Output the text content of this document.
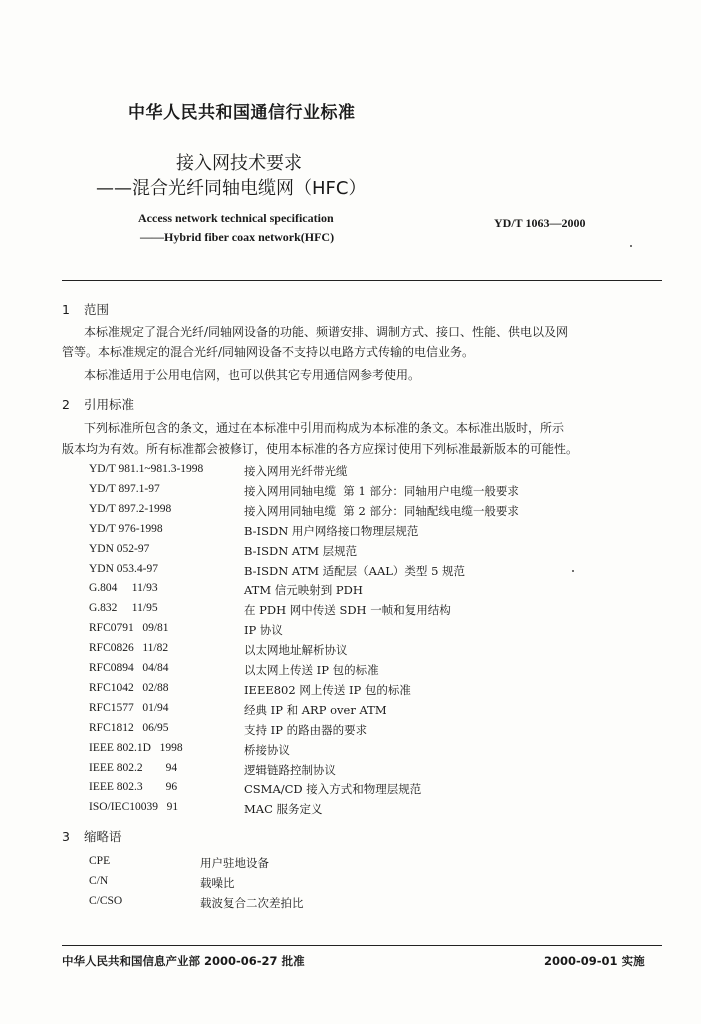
中华人民共和国通信行业标准
接入网技术要求
——混合光纤同轴电缆网（HFC）
Access network technical specification
——Hybrid fiber coax network(HFC)
YD/T 1063—2000
1 范围
本标准规定了混合光纤/同轴网设备的功能、频谱安排、调制方式、接口、性能、供电以及网
管等。本标准规定的混合光纤/同轴网设备不支持以电路方式传输的电信业务。
本标准适用于公用电信网，也可以供其它专用通信网参考使用。
2 引用标准
下列标准所包含的条文，通过在本标准中引用而构成为本标准的条文。本标准出版时，所示
版本均为有效。所有标准都会被修订，使用本标准的各方应探讨使用下列标准最新版本的可能性。
YD/T 981.1~981.3-1998	接入网用光纤带光缆
YD/T 897.1-97	接入网用同轴电缆  第 1 部分：同轴用户电缆一般要求
YD/T 897.2-1998	接入网用同轴电缆  第 2 部分：同轴配线电缆一般要求
YD/T 976-1998	B-ISDN 用户网络接口物理层规范
YDN 052-97	B-ISDN ATM 层规范
YDN 053.4-97	B-ISDN ATM 适配层（AAL）类型 5 规范
G.804     11/93	ATM 信元映射到 PDH
G.832     11/95	在 PDH 网中传送 SDH 一帧和复用结构
RFC0791   09/81	IP 协议
RFC0826   11/82	以太网地址解析协议
RFC0894   04/84	以太网上传送 IP 包的标准
RFC1042   02/88	IEEE802 网上传送 IP 包的标准
RFC1577   01/94	经典 IP 和 ARP over ATM
RFC1812   06/95	支持 IP 的路由器的要求
IEEE 802.1D   1998	桥接协议
IEEE 802.2        94	逻辑链路控制协议
IEEE 802.3        96	CSMA/CD 接入方式和物理层规范
ISO/IEC10039   91	MAC 服务定义
3 缩略语
CPE	用户驻地设备
C/N	载噪比
C/CSO	载波复合二次差拍比
中华人民共和国信息产业部 2000-06-27 批准	2000-09-01 实施
